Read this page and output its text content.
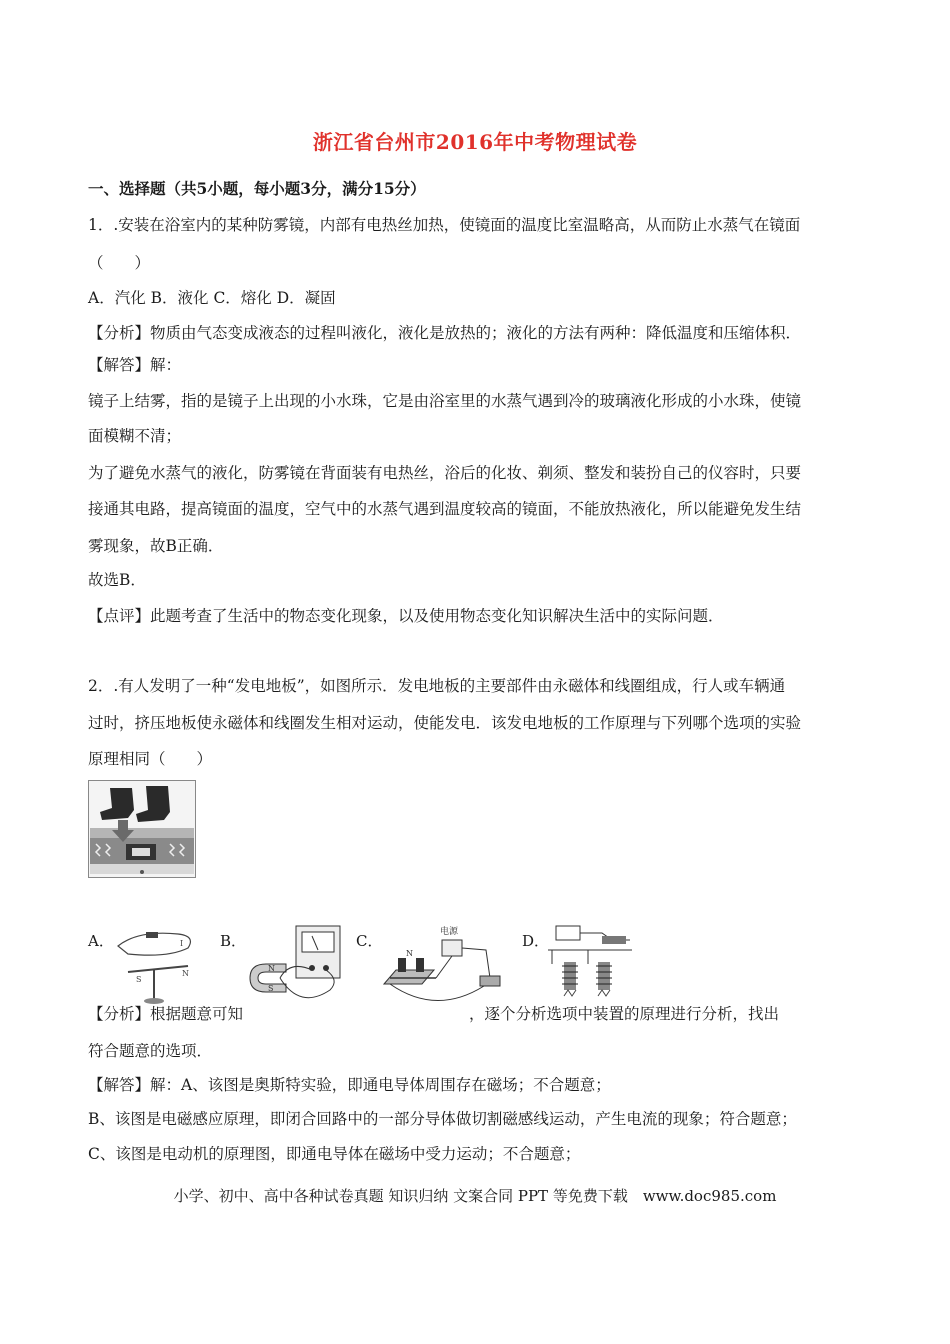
浙江省台州市2016年中考物理试卷
一、选择题（共5小题，每小题3分，满分15分）
1．.安装在浴室内的某种防雾镜，内部有电热丝加热，使镜面的温度比室温略高，从而防止水蒸气在镜面
（　　）
A．汽化 B．液化 C．熔化 D．凝固
【分析】物质由气态变成液态的过程叫液化，液化是放热的；液化的方法有两种：降低温度和压缩体积．
【解答】解：
镜子上结雾，指的是镜子上出现的小水珠，它是由浴室里的水蒸气遇到冷的玻璃液化形成的小水珠，使镜
面模糊不清；
为了避免水蒸气的液化，防雾镜在背面装有电热丝，浴后的化妆、剃须、整发和装扮自己的仪容时，只要
接通其电路，提高镜面的温度，空气中的水蒸气遇到温度较高的镜面，不能放热液化，所以能避免发生结
雾现象，故B正确．
故选B．
【点评】此题考查了生活中的物态变化现象，以及使用物态变化知识解决生活中的实际问题．
2．.有人发明了一种“发电地板”，如图所示．发电地板的主要部件由永磁体和线圈组成，行人或车辆通
过时，挤压地板使永磁体和线圈发生相对运动，使能发电．该发电地板的工作原理与下列哪个选项的实验
原理相同（　　）
A．
S
N
I B．
N
S
C．	电源
N
D．
【分析】根据题意可知	，逐个分析选项中装置的原理进行分析，找出
符合题意的选项．
【解答】解：A、该图是奥斯特实验，即通电导体周围存在磁场；不合题意；
B、该图是电磁感应原理，即闭合回路中的一部分导体做切割磁感线运动，产生电流的现象；符合题意；
C、该图是电动机的原理图，即通电导体在磁场中受力运动；不合题意；
小学、初中、高中各种试卷真题 知识归纳 文案合同 PPT 等免费下载　www.doc985.com
